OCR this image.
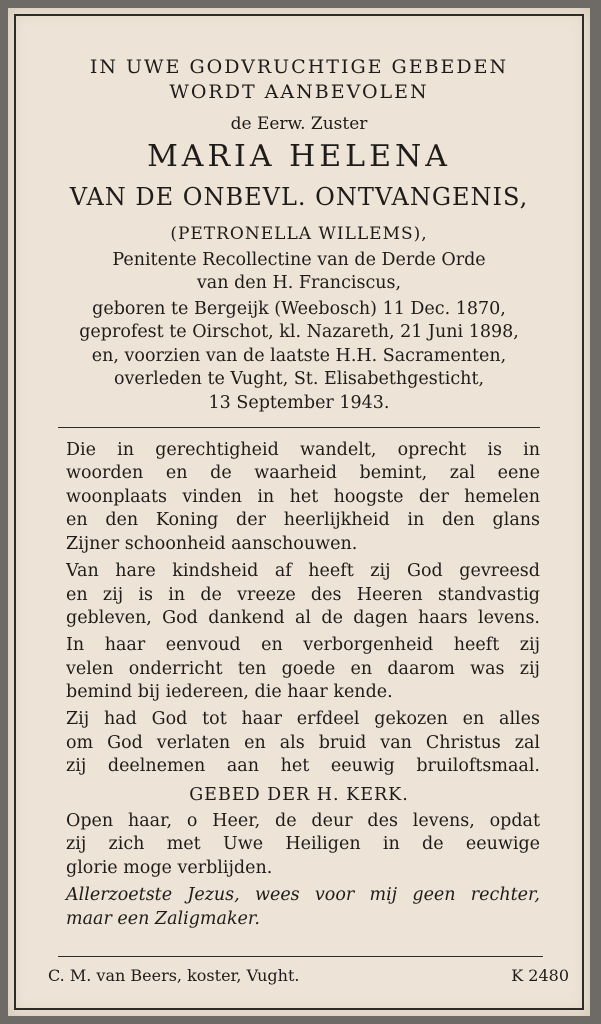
IN UWE GODVRUCHTIGE GEBEDEN
WORDT AANBEVOLEN
de Eerw. Zuster
MARIA HELENA
VAN DE ONBEVL. ONTVANGENIS,
(PETRONELLA WILLEMS),
Penitente Recollectine van de Derde Orde
van den H. Franciscus,
geboren te Bergeijk (Weebosch) 11 Dec. 1870,
geprofest te Oirschot, kl. Nazareth, 21 Juni 1898,
en, voorzien van de laatste H.H. Sacramenten,
overleden te Vught, St. Elisabethgesticht,
13 September 1943.
Die in gerechtigheid wandelt, oprecht is in
woorden en de waarheid bemint, zal eene
woonplaats vinden in het hoogste der hemelen
en den Koning der heerlijkheid in den glans
Zijner schoonheid aanschouwen.
Van hare kindsheid af heeft zij God gevreesd
en zij is in de vreeze des Heeren standvastig
gebleven, God dankend al de dagen haars levens.
In haar eenvoud en verborgenheid heeft zij
velen onderricht ten goede en daarom was zij
bemind bij iedereen, die haar kende.
Zij had God tot haar erfdeel gekozen en alles
om God verlaten en als bruid van Christus zal
zij deelnemen aan het eeuwig bruiloftsmaal.
GEBED DER H. KERK.
Open haar, o Heer, de deur des levens, opdat
zij zich met Uwe Heiligen in de eeuwige
glorie moge verblijden.
Allerzoetste Jezus, wees voor mij geen rechter,
maar een Zaligmaker.
C. M. van Beers, koster, Vught.	K 2480
